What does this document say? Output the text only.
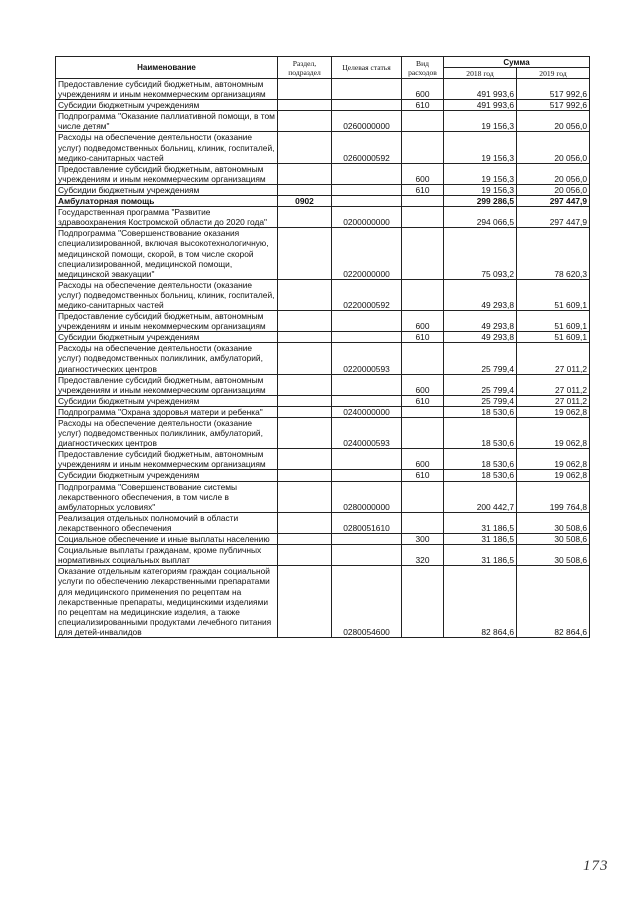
Наименование	Раздел, подраздел	Целевая статья	Вид расходов	Сумма	
				2018 год	2019 год
Предоставление субсидий бюджетным, автономным учреждениям и иным некоммерческим организациям			600	491 993,6	517 992,6
Субсидии бюджетным учреждениям			610	491 993,6	517 992,6
Подпрограмма "Оказание паллиативной помощи, в том числе детям"		0260000000		19 156,3	20 056,0
Расходы на обеспечение деятельности (оказание услуг) подведомственных больниц, клиник, госпиталей, медико-санитарных частей		0260000592		19 156,3	20 056,0
Предоставление субсидий бюджетным, автономным учреждениям и иным некоммерческим организациям			600	19 156,3	20 056,0
Субсидии бюджетным учреждениям			610	19 156,3	20 056,0
Амбулаторная помощь	0902			299 286,5	297 447,9
Государственная программа "Развитие здравоохранения Костромской области до 2020 года"		0200000000		294 066,5	297 447,9
Подпрограмма "Совершенствование оказания специализированной, включая высокотехнологичную, медицинской помощи, скорой, в том числе скорой специализированной, медицинской помощи, медицинской эвакуации"		0220000000		75 093,2	78 620,3
Расходы на обеспечение деятельности (оказание услуг) подведомственных больниц, клиник, госпиталей, медико-санитарных частей		0220000592		49 293,8	51 609,1
Предоставление субсидий бюджетным, автономным учреждениям и иным некоммерческим организациям			600	49 293,8	51 609,1
Субсидии бюджетным учреждениям			610	49 293,8	51 609,1
Расходы на обеспечение деятельности (оказание услуг) подведомственных поликлиник, амбулаторий, диагностических центров		0220000593		25 799,4	27 011,2
Предоставление субсидий бюджетным, автономным учреждениям и иным некоммерческим организациям			600	25 799,4	27 011,2
Субсидии бюджетным учреждениям			610	25 799,4	27 011,2
Подпрограмма "Охрана здоровья матери и ребенка"		0240000000		18 530,6	19 062,8
Расходы на обеспечение деятельности (оказание услуг) подведомственных поликлиник, амбулаторий, диагностических центров		0240000593		18 530,6	19 062,8
Предоставление субсидий бюджетным, автономным учреждениям и иным некоммерческим организациям			600	18 530,6	19 062,8
Субсидии бюджетным учреждениям			610	18 530,6	19 062,8
Подпрограмма "Совершенствование системы лекарственного обеспечения, в том числе в амбулаторных условиях"		0280000000		200 442,7	199 764,8
Реализация отдельных полномочий в области лекарственного обеспечения		0280051610		31 186,5	30 508,6
Социальное обеспечение и иные выплаты населению			300	31 186,5	30 508,6
Социальные выплаты гражданам, кроме публичных нормативных социальных выплат			320	31 186,5	30 508,6
Оказание отдельным категориям граждан социальной услуги по обеспечению лекарственными препаратами для медицинского применения по рецептам на лекарственные препараты, медицинскими изделиями по рецептам на медицинские изделия, а также специализированными продуктами лечебного питания для детей-инвалидов		0280054600		82 864,6	82 864,6
173
